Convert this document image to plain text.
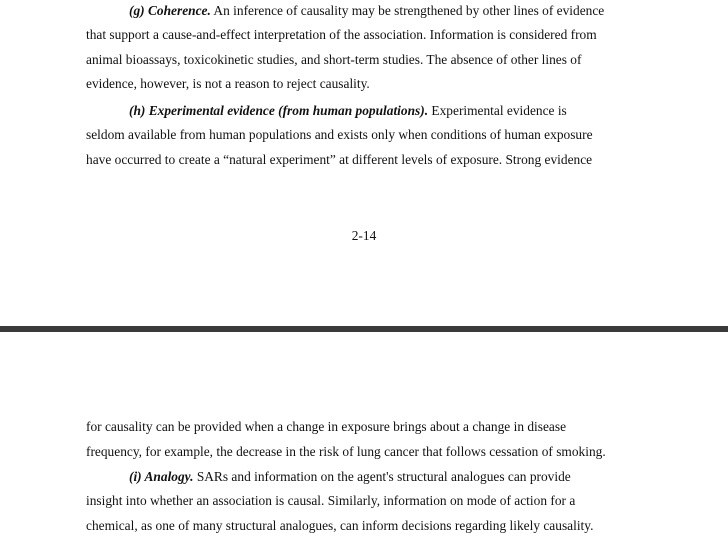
(g) Coherence. An inference of causality may be strengthened by other lines of evidence
that support a cause-and-effect interpretation of the association. Information is considered from
animal bioassays, toxicokinetic studies, and short-term studies. The absence of other lines of
evidence, however, is not a reason to reject causality.
(h) Experimental evidence (from human populations). Experimental evidence is
seldom available from human populations and exists only when conditions of human exposure
have occurred to create a “natural experiment” at different levels of exposure. Strong evidence
2-14
for causality can be provided when a change in exposure brings about a change in disease
frequency, for example, the decrease in the risk of lung cancer that follows cessation of smoking.
(i) Analogy. SARs and information on the agent's structural analogues can provide
insight into whether an association is causal. Similarly, information on mode of action for a
chemical, as one of many structural analogues, can inform decisions regarding likely causality.
